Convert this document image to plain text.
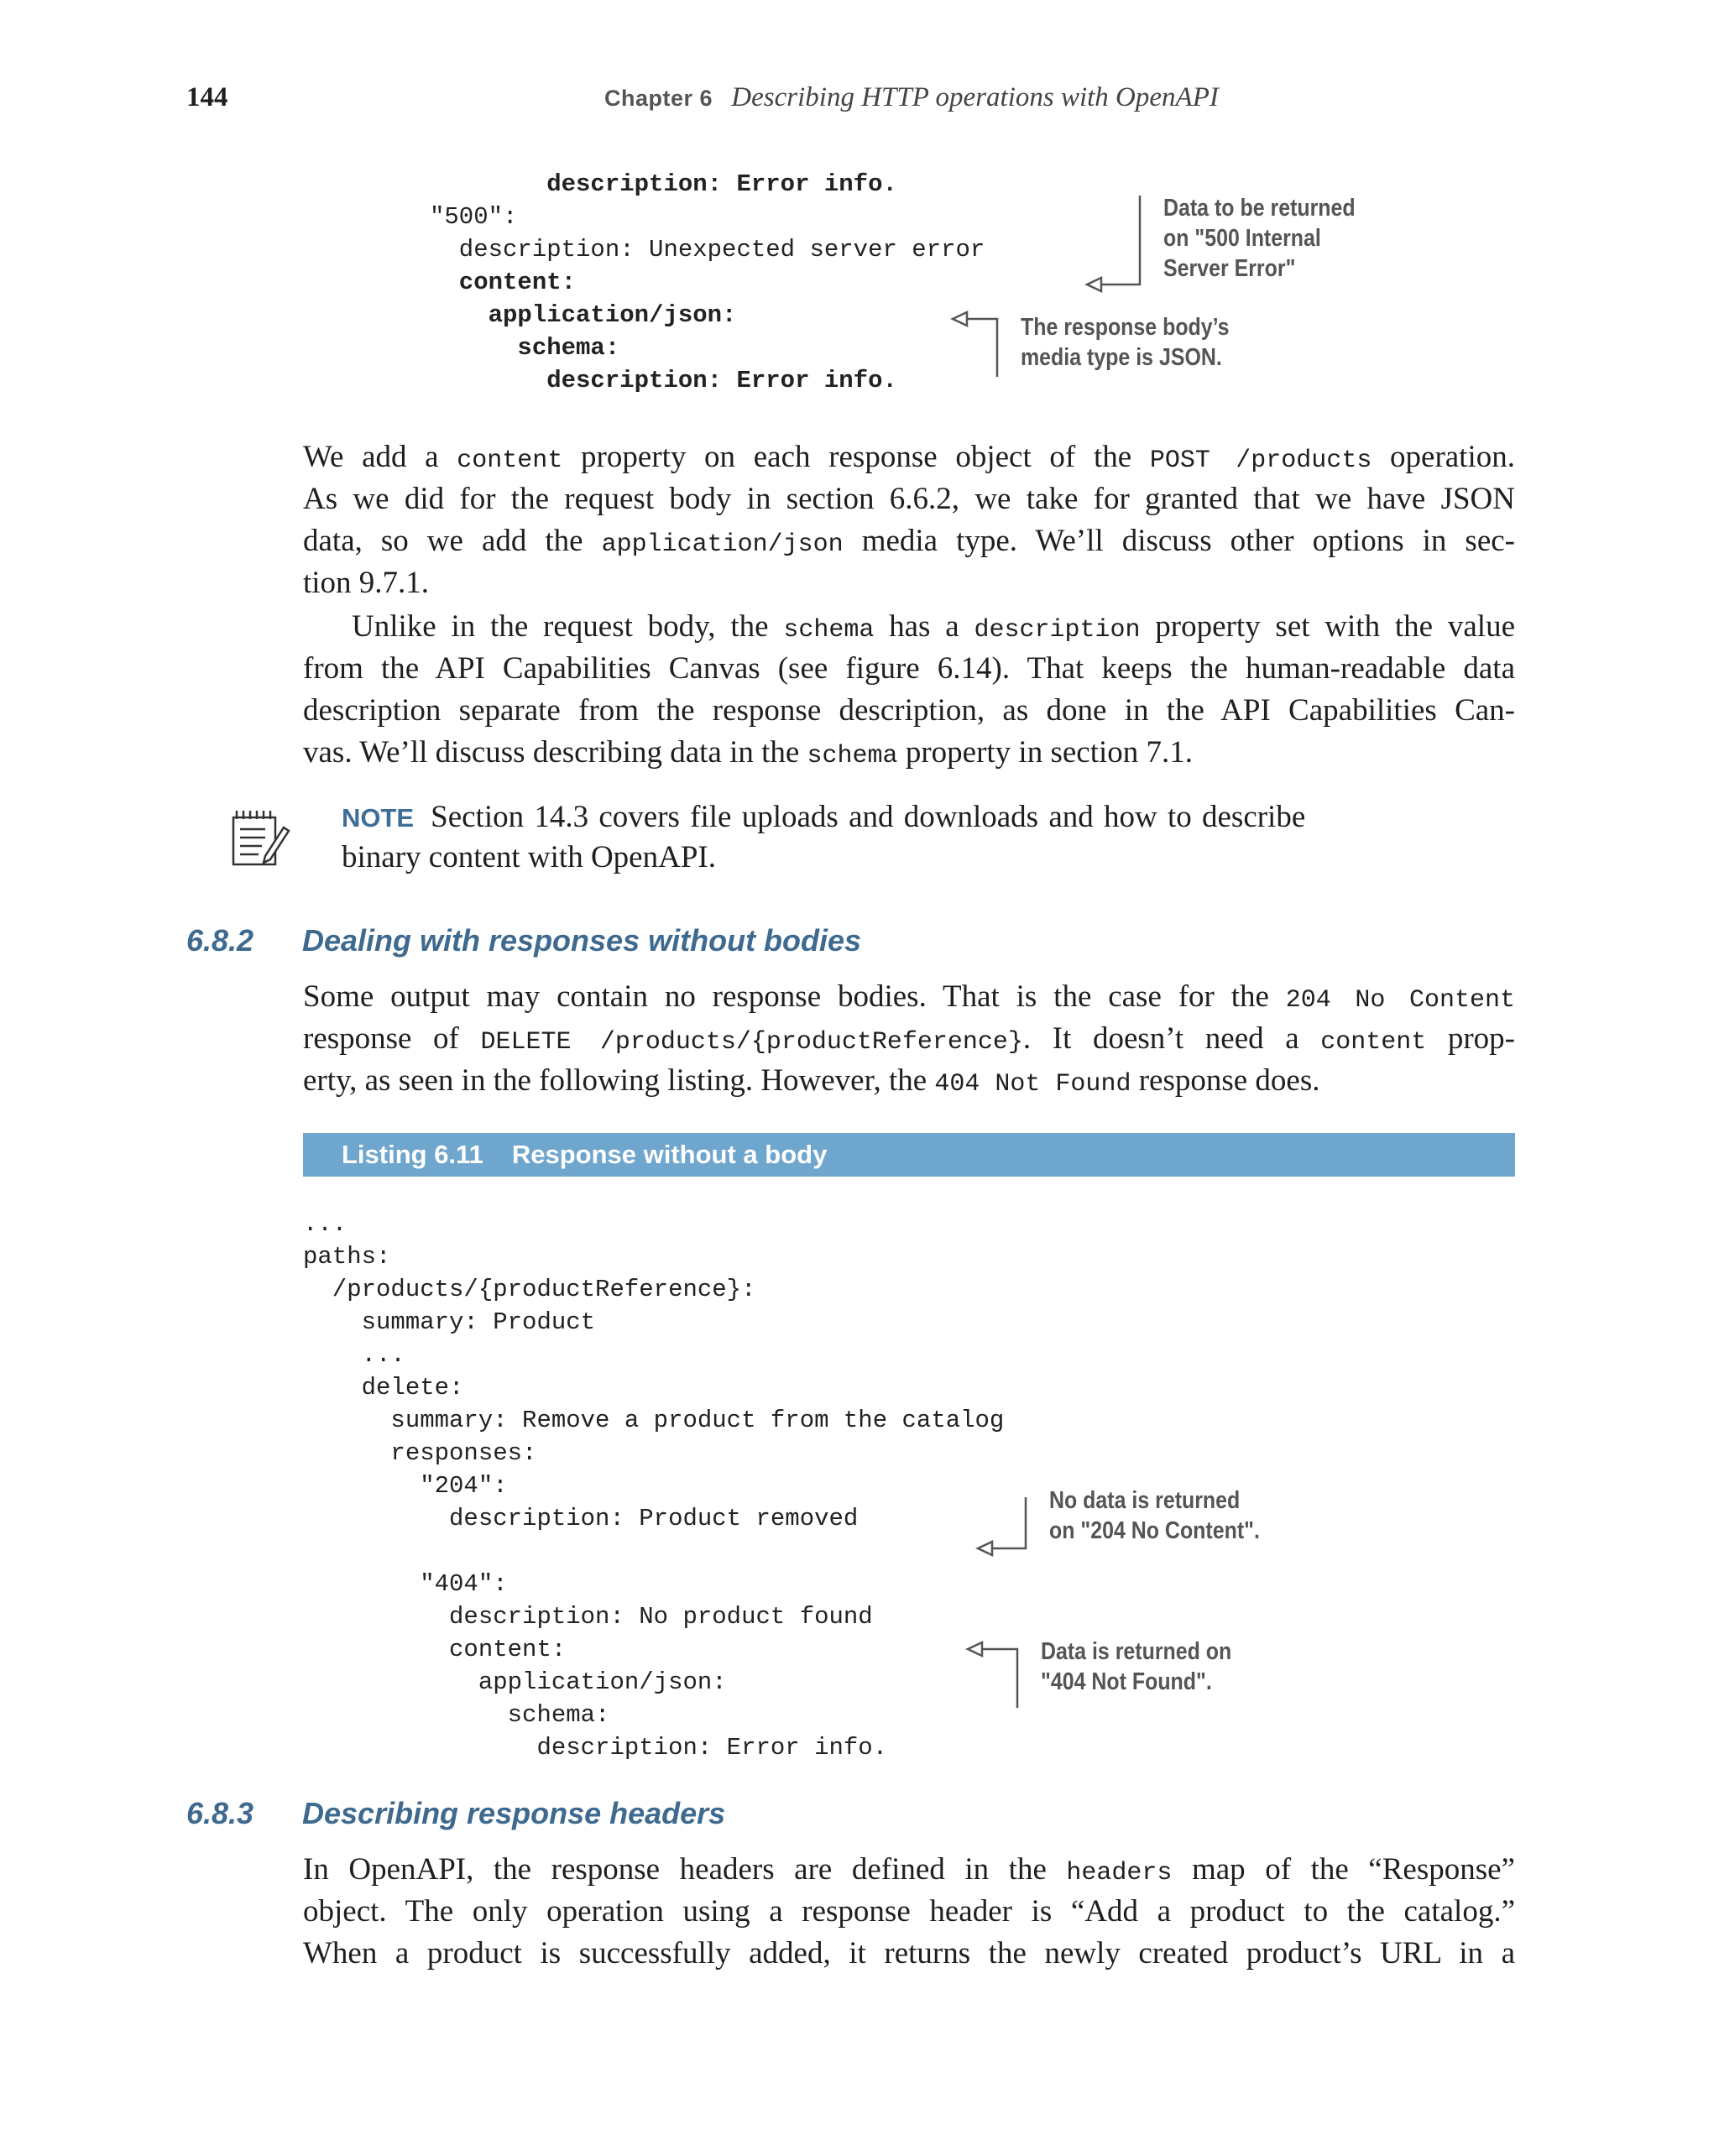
144	Chapter 6 Describing HTTP operations with OpenAPI
description: Error info.
"500":
description: Unexpected server error
content:
application/json:
schema:
description: Error info.
Data to be returned
on "500 Internal
Server Error"
The response body’s
media type is JSON.
We add a content property on each response object of the POST /products operation.
As we did for the request body in section 6.6.2, we take for granted that we have JSON
data, so we add the application/json media type. We’ll discuss other options in sec-
tion 9.7.1.
Unlike in the request body, the schema has a description property set with the value
from the API Capabilities Canvas (see figure 6.14). That keeps the human-readable data
description separate from the response description, as done in the API Capabilities Can-
vas. We’ll discuss describing data in the schema property in section 7.1.
NOTE Section 14.3 covers file uploads and downloads and how to describe
binary content with OpenAPI.
6.8.2 Dealing with responses without bodies
Some output may contain no response bodies. That is the case for the 204 No Content
response of DELETE /products/{productReference}. It doesn’t need a content prop-
erty, as seen in the following listing. However, the 404 Not Found response does.
Listing 6.11 Response without a body
...
paths:
/products/{productReference}:
summary: Product
...
delete:
summary: Remove a product from the catalog
responses:
"204":
description: Product removed

"404":
description: No product found
content:
application/json:
schema:
description: Error info.
No data is returned
on "204 No Content".
Data is returned on
"404 Not Found".
6.8.3 Describing response headers
In OpenAPI, the response headers are defined in the headers map of the “Response”
object. The only operation using a response header is “Add a product to the catalog.”
When a product is successfully added, it returns the newly created product’s URL in a
